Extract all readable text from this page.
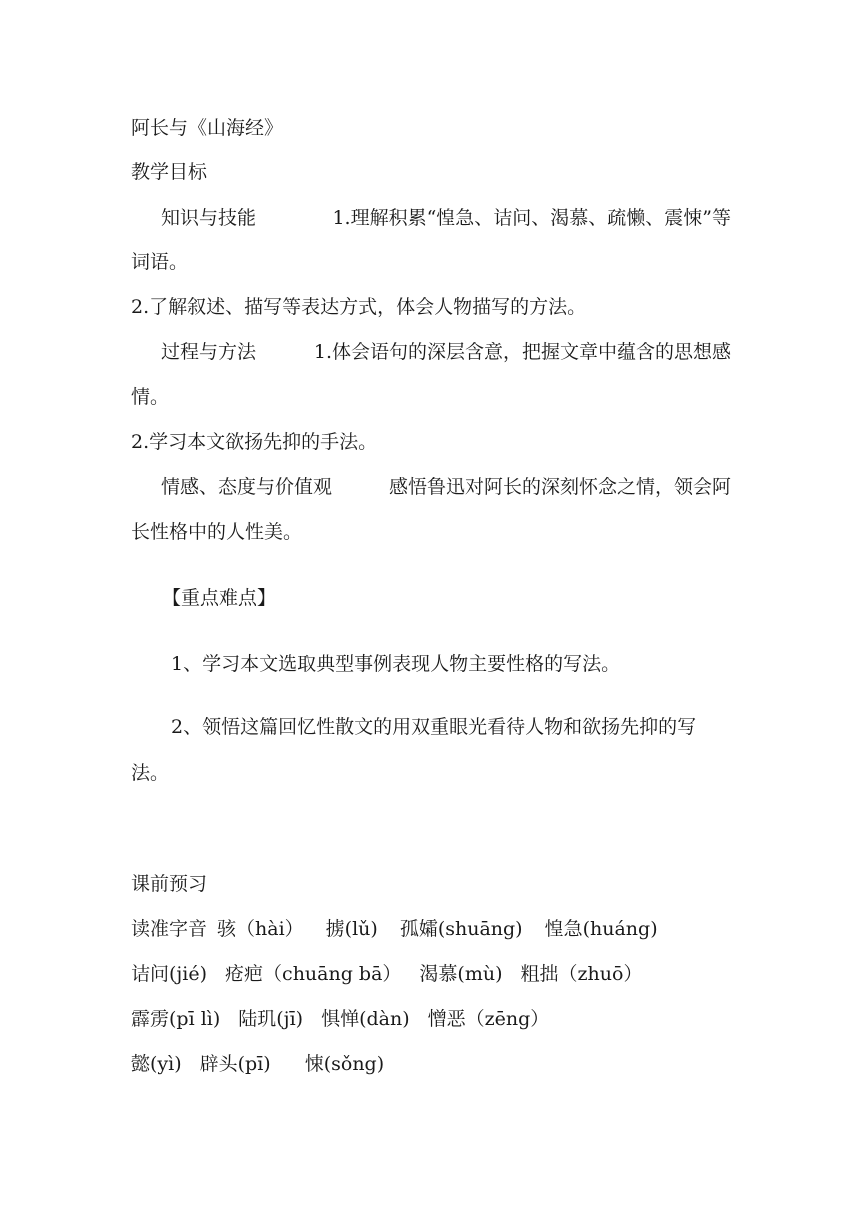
阿长与《山海经》
教学目标
知识与技能	1.理解积累“惶急、诘问、渴慕、疏懒、震悚”等
词语。
2.了解叙述、描写等表达方式，体会人物描写的方法。
过程与方法	1.体会语句的深层含意，把握文章中蕴含的思想感
情。
2.学习本文欲扬先抑的手法。
情感、态度与价值观	感悟鲁迅对阿长的深刻怀念之情，领会阿
长性格中的人性美。
【重点难点】
1、学习本文选取典型事例表现人物主要性格的写法。
2、领悟这篇回忆性散文的用双重眼光看待人物和欲扬先抑的写
法。
课前预习
读准字音 骇（hài） 掳(lǔ) 孤孀(shuāng) 惶急(huáng)
诘问(jié) 疮疤（chuāng bā） 渴慕(mù) 粗拙（zhuō）
霹雳(pī lì) 陆玑(jī) 惧惮(dàn) 憎恶（zēng）
懿(yì) 辟头(pī) 悚(sǒng)
